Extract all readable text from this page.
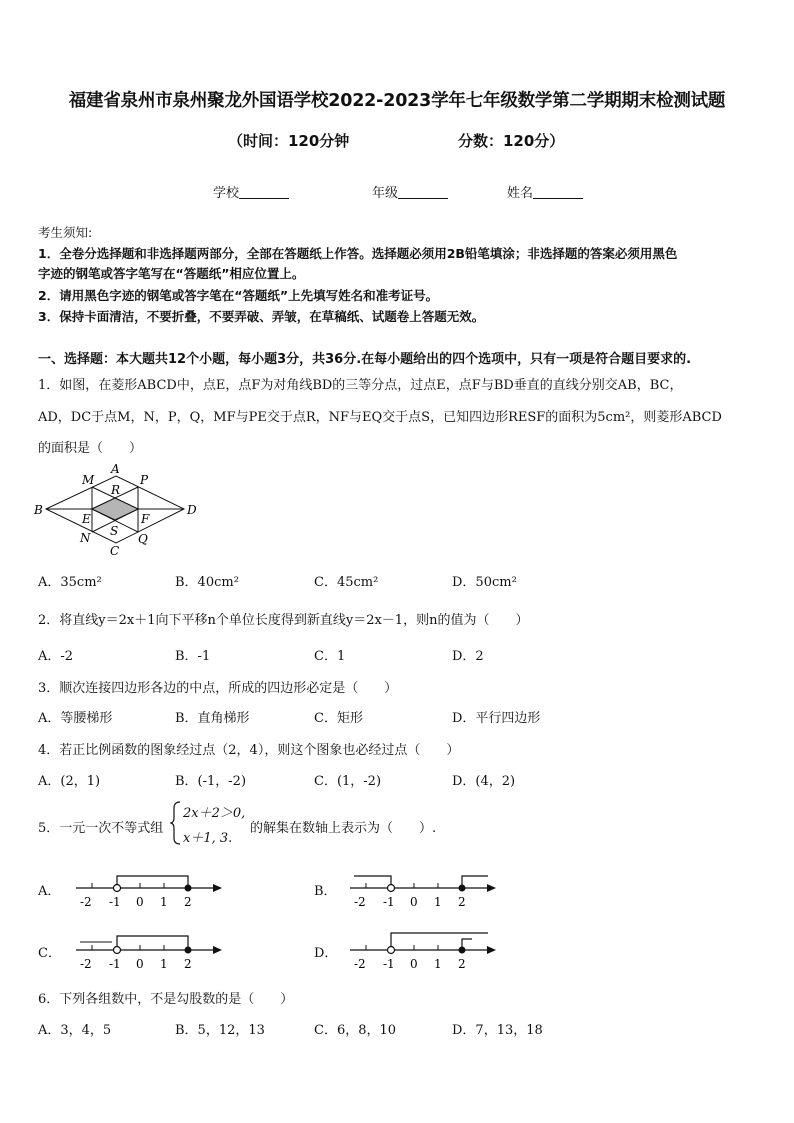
福建省泉州市泉州聚龙外国语学校2022-2023学年七年级数学第二学期期末检测试题
（时间：120分钟	分数：120分）
学校	年级	姓名
考生须知:
1．全卷分选择题和非选择题两部分，全部在答题纸上作答。选择题必须用2B铅笔填涂；非选择题的答案必须用黑色
字迹的钢笔或答字笔写在“答题纸”相应位置上。
2．请用黑色字迹的钢笔或答字笔在“答题纸”上先填写姓名和准考证号。
3．保持卡面清洁，不要折叠，不要弄破、弄皱，在草稿纸、试题卷上答题无效。
一、选择题：本大题共12个小题，每小题3分，共36分.在每小题给出的四个选项中，只有一项是符合题目要求的.
1．如图，在菱形ABCD中，点E，点F为对角线BD的三等分点，过点E，点F与BD垂直的直线分别交AB，BC，
AD，DC于点M，N，P，Q，MF与PE交于点R，NF与EQ交于点S，已知四边形RESF的面积为5cm²，则菱形ABCD
的面积是（　　）
A
B
C
D
E	F
M
N
P
Q
R
S
A．35cm²	B．40cm²	C．45cm²	D．50cm²
2．将直线y＝2x＋1向下平移n个单位长度得到新直线y＝2x－1，则n的值为（　　）
A．-2	B．-1	C．1	D．2
3．顺次连接四边形各边的中点，所成的四边形必定是（　　）
A．等腰梯形	B．直角梯形	C．矩形	D．平行四边形
4．若正比例函数的图象经过点（2，4），则这个图象也必经过点（　　）
A．(2，1)	B．(-1，-2)	C．(1，-2)	D．(4，2)
5．一元一次不等式组
2x＋2＞0,
x＋1, 3.
的解集在数轴上表示为（　　）.
A．
-2 -1 0 1 2
B．
-2 -1 0 1 2
C．
-2 -1 0 1 2
D．
-2 -1 0 1 2
6．下列各组数中，不是勾股数的是（　　）
A．3，4，5	B．5，12，13	C．6，8，10	D．7，13，18
